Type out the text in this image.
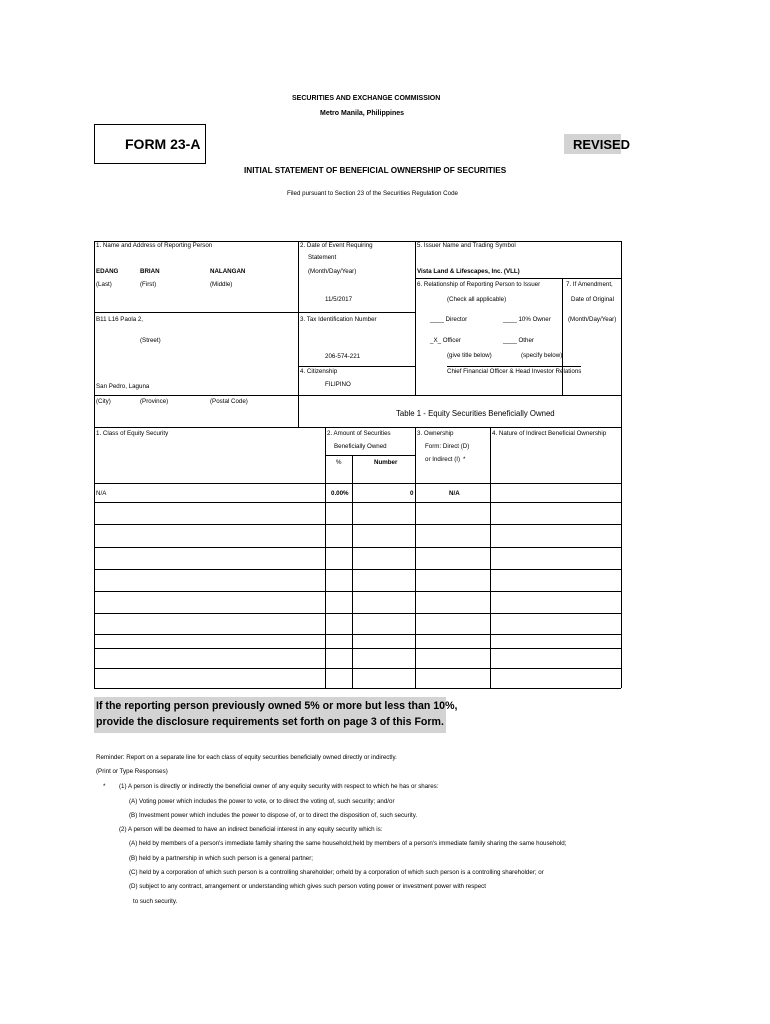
SECURITIES AND EXCHANGE COMMISSION
Metro Manila, Philippines
FORM 23-A	REVISED
INITIAL STATEMENT OF BENEFICIAL OWNERSHIP OF SECURITIES
Filed pursuant to Section 23 of the Securities Regulation Code
1. Name and Address of Reporting Person
EDANG	BRIAN	NALANGAN
(Last)	(First)	(Middle)
B11 L16 Paola 2,
(Street)
San Pedro, Laguna
(City)	(Province)	(Postal Code)
2. Date of Event Requiring
Statement
(Month/Day/Year)
11/5/2017
3. Tax Identification Number
206-574-221
4. Citizenship
FILIPINO
5. Issuer Name and Trading Symbol
Vista Land & Lifescapes, Inc. (VLL)
6. Relationship of Reporting Person to Issuer
(Check all applicable)
____ Director	____ 10% Owner
_X_ Officer	____ Other
(give title below)	(specify below)
Chief Financial Officer & Head Investor Relations
7. If Amendment,
Date of Original
(Month/Day/Year)
Table 1 - Equity Securities Beneficially Owned
1. Class of Equity Security	2. Amount of Securities
Beneficially Owned
%	Number
3. Ownership
Form: Direct (D)
or Indirect (I) *
4. Nature of Indirect Beneficial Ownership
N/A	0.00%	0	N/A
If the reporting person previously owned 5% or more but less than 10%,
provide the disclosure requirements set forth on page 3 of this Form.
Reminder: Report on a separate line for each class of equity securities beneficially owned directly or indirectly.
(Print or Type Responses)
* (1) A person is directly or indirectly the beneficial owner of any equity security with respect to which he has or shares:
(A) Voting power which includes the power to vote, or to direct the voting of, such security; and/or
(B) Investment power which includes the power to dispose of, or to direct the disposition of, such security.
(2) A person will be deemed to have an indirect beneficial interest in any equity security which is:
(A) held by members of a person's immediate family sharing the same household;held by members of a person's immediate family sharing the same household;
(B) held by a partnership in which such person is a general partner;
(C) held by a corporation of which such person is a controlling shareholder; orheld by a corporation of which such person is a controlling shareholder; or
(D) subject to any contract, arrangement or understanding which gives such person voting power or investment power with respect
to such security.
